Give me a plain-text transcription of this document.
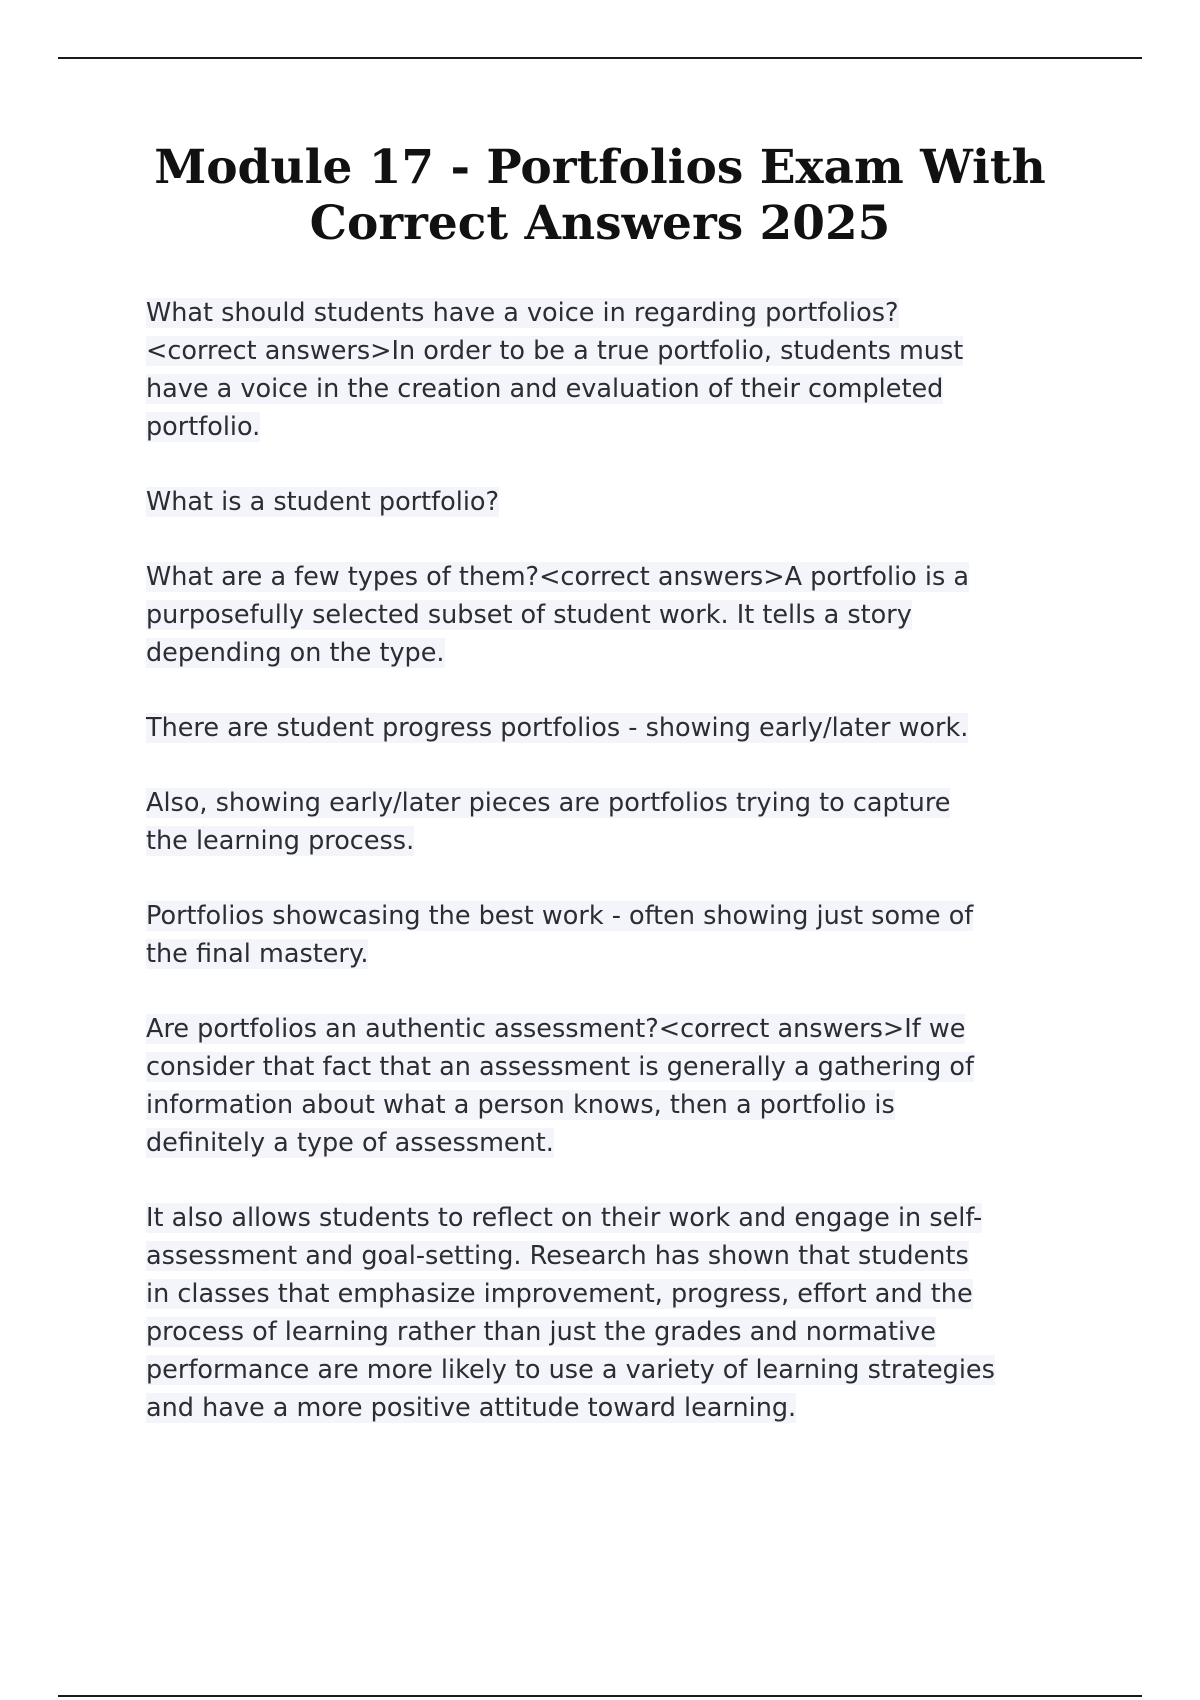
Module 17 - Portfolios Exam With
Correct Answers 2025
What should students have a voice in regarding portfolios?
<correct answers>In order to be a true portfolio, students must
have a voice in the creation and evaluation of their completed
portfolio.
What is a student portfolio?
What are a few types of them?<correct answers>A portfolio is a
purposefully selected subset of student work. It tells a story
depending on the type.
There are student progress portfolios - showing early/later work.
Also, showing early/later pieces are portfolios trying to capture
the learning process.
Portfolios showcasing the best work - often showing just some of
the final mastery.
Are portfolios an authentic assessment?<correct answers>If we
consider that fact that an assessment is generally a gathering of
information about what a person knows, then a portfolio is
definitely a type of assessment.
It also allows students to reflect on their work and engage in self-
assessment and goal-setting. Research has shown that students
in classes that emphasize improvement, progress, effort and the
process of learning rather than just the grades and normative
performance are more likely to use a variety of learning strategies
and have a more positive attitude toward learning.
